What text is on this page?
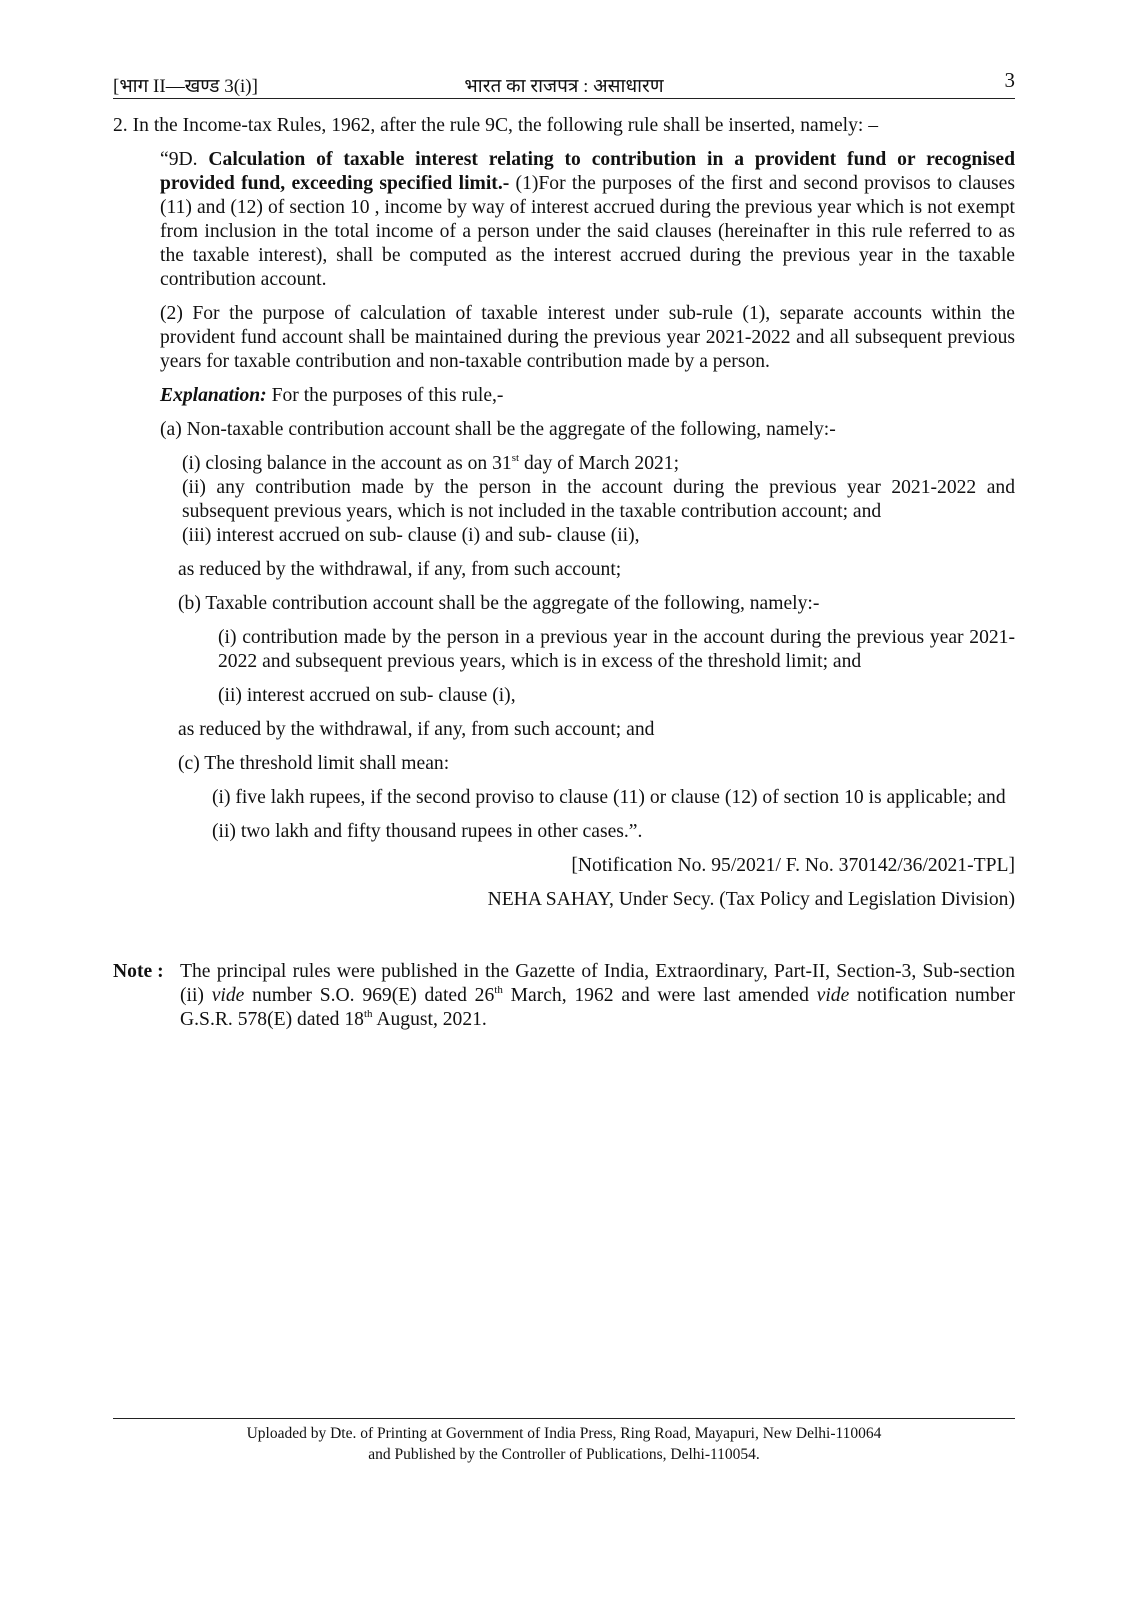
[भाग II—खण्ड 3(i)]	भारत का राजपत्र : असाधारण	3

2. In the Income-tax Rules, 1962, after the rule 9C, the following rule shall be inserted, namely: –

“9D. Calculation of taxable interest relating to contribution in a provident fund or recognised provided fund, exceeding specified limit.- (1)For the purposes of the first and second provisos to clauses (11) and (12) of section 10 , income by way of interest accrued during the previous year which is not exempt from inclusion in the total income of a person under the said clauses (hereinafter in this rule referred to as the taxable interest), shall be computed as the interest accrued during the previous year in the taxable contribution account.

(2) For the purpose of calculation of taxable interest under sub-rule (1), separate accounts within the provident fund account shall be maintained during the previous year 2021-2022 and all subsequent previous years for taxable contribution and non-taxable contribution made by a person.

Explanation: For the purposes of this rule,-

(a) Non-taxable contribution account shall be the aggregate of the following, namely:-

(i) closing balance in the account as on 31st day of March 2021;
(ii) any contribution made by the person in the account during the previous year 2021-2022 and subsequent previous years, which is not included in the taxable contribution account; and
(iii) interest accrued on sub- clause (i) and sub- clause (ii),

as reduced by the withdrawal, if any, from such account;

(b) Taxable contribution account shall be the aggregate of the following, namely:-

(i) contribution made by the person in a previous year in the account during the previous year 2021-2022 and subsequent previous years, which is in excess of the threshold limit; and

(ii) interest accrued on sub- clause (i),

as reduced by the withdrawal, if any, from such account; and

(c) The threshold limit shall mean:

(i) five lakh rupees, if the second proviso to clause (11) or clause (12) of section 10 is applicable; and

(ii) two lakh and fifty thousand rupees in other cases.”.

[Notification No. 95/2021/ F. No. 370142/36/2021-TPL]

NEHA SAHAY, Under Secy. (Tax Policy and Legislation Division)

Note : The principal rules were published in the Gazette of India, Extraordinary, Part-II, Section-3, Sub-section (ii) vide number S.O. 969(E) dated 26th March, 1962 and were last amended vide notification number G.S.R. 578(E) dated 18th August, 2021.
Uploaded by Dte. of Printing at Government of India Press, Ring Road, Mayapuri, New Delhi-110064
and Published by the Controller of Publications, Delhi-110054.
